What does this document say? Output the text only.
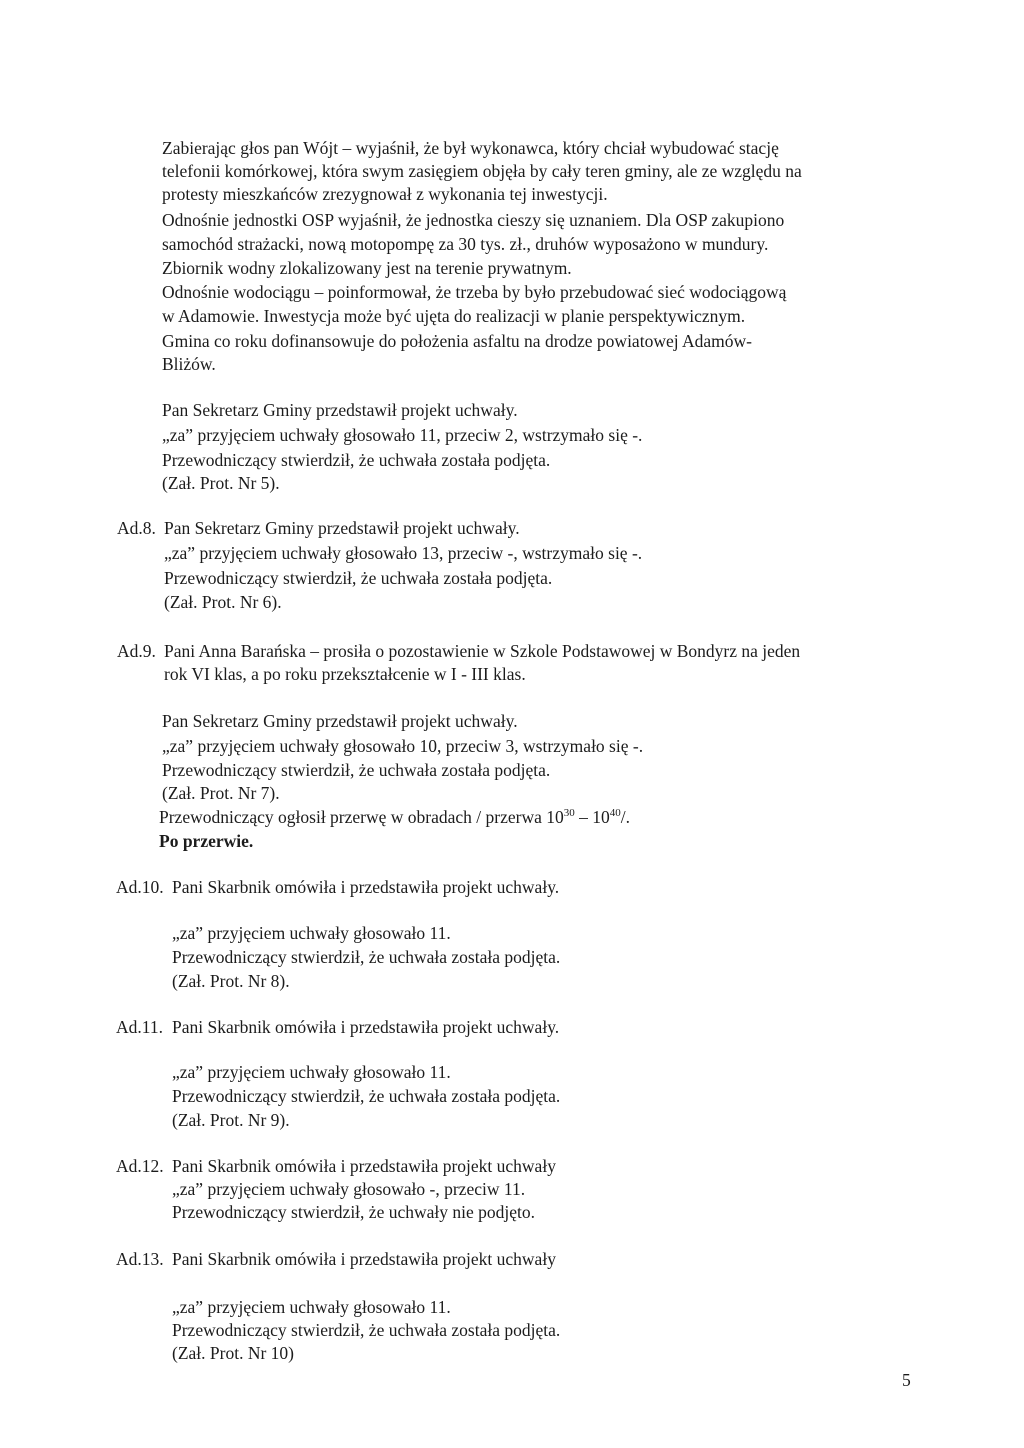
Zabierając głos pan Wójt – wyjaśnił, że był wykonawca, który chciał wybudować stację
telefonii komórkowej, która swym zasięgiem objęła by cały teren gminy, ale ze względu na
protesty mieszkańców zrezygnował z wykonania tej inwestycji.
Odnośnie jednostki OSP wyjaśnił, że jednostka cieszy się uznaniem. Dla OSP zakupiono
samochód strażacki, nową motopompę za 30 tys. zł., druhów wyposażono w mundury.
Zbiornik wodny zlokalizowany jest na terenie prywatnym.
Odnośnie wodociągu – poinformował, że trzeba by było przebudować sieć wodociągową
w Adamowie. Inwestycja może być ujęta do realizacji w planie perspektywicznym.
Gmina co roku dofinansowuje do położenia asfaltu na drodze powiatowej Adamów-
Bliżów.
Pan Sekretarz Gminy przedstawił projekt uchwały.
„za” przyjęciem uchwały głosowało 11, przeciw 2, wstrzymało się -.
Przewodniczący stwierdził, że uchwała została podjęta.
(Zał. Prot. Nr 5).
Ad.8. Pan Sekretarz Gminy przedstawił projekt uchwały.
„za” przyjęciem uchwały głosowało 13, przeciw -, wstrzymało się -.
Przewodniczący stwierdził, że uchwała została podjęta.
(Zał. Prot. Nr 6).
Ad.9. Pani Anna Barańska – prosiła o pozostawienie w Szkole Podstawowej w Bondyrz na jeden
rok VI klas, a po roku przekształcenie w I - III klas.
Pan Sekretarz Gminy przedstawił projekt uchwały.
„za” przyjęciem uchwały głosowało 10, przeciw 3, wstrzymało się -.
Przewodniczący stwierdził, że uchwała została podjęta.
(Zał. Prot. Nr 7).
Przewodniczący ogłosił przerwę w obradach / przerwa $10^{30} - 10^{40}/$.
Po przerwie.
Ad.10. Pani Skarbnik omówiła i przedstawiła projekt uchwały.
„za” przyjęciem uchwały głosowało 11.
Przewodniczący stwierdził, że uchwała została podjęta.
(Zał. Prot. Nr 8).
Ad.11. Pani Skarbnik omówiła i przedstawiła projekt uchwały.
„za” przyjęciem uchwały głosowało 11.
Przewodniczący stwierdził, że uchwała została podjęta.
(Zał. Prot. Nr 9).
Ad.12. Pani Skarbnik omówiła i przedstawiła projekt uchwały
„za” przyjęciem uchwały głosowało -, przeciw 11.
Przewodniczący stwierdził, że uchwały nie podjęto.
Ad.13. Pani Skarbnik omówiła i przedstawiła projekt uchwały
„za” przyjęciem uchwały głosowało 11.
Przewodniczący stwierdził, że uchwała została podjęta.
(Zał. Prot. Nr 10)
5
